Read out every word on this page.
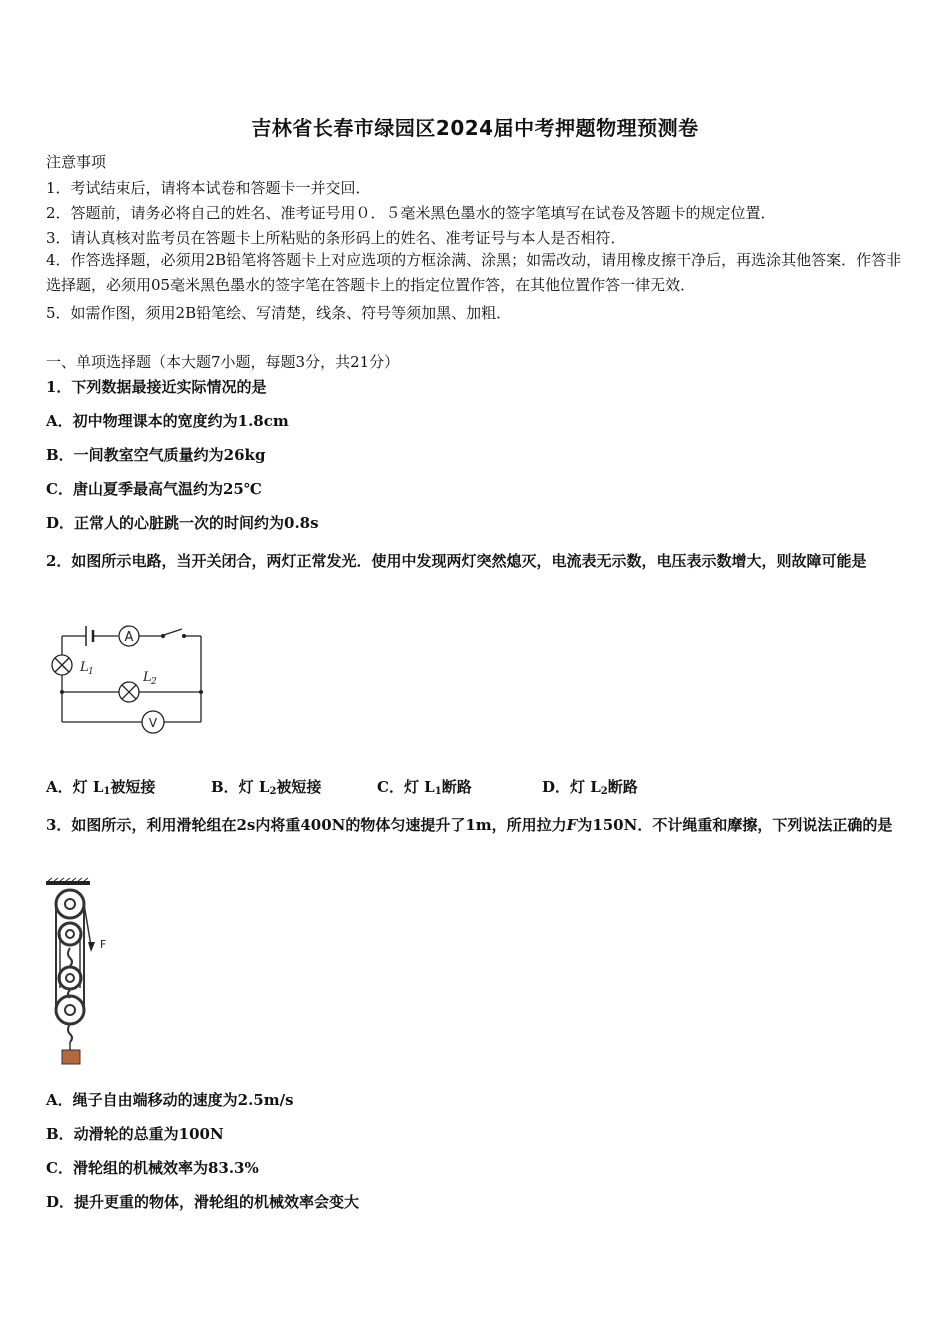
吉林省长春市绿园区2024届中考押题物理预测卷
注意事项
1．考试结束后，请将本试卷和答题卡一并交回．
2．答题前，请务必将自己的姓名、准考证号用０．５毫米黑色墨水的签字笔填写在试卷及答题卡的规定位置．
3．请认真核对监考员在答题卡上所粘贴的条形码上的姓名、准考证号与本人是否相符．
4．作答选择题，必须用2B铅笔将答题卡上对应选项的方框涂满、涂黑；如需改动，请用橡皮擦干净后，再选涂其他答案．作答非选择题，必须用05毫米黑色墨水的签字笔在答题卡上的指定位置作答，在其他位置作答一律无效．
5．如需作图，须用2B铅笔绘、写清楚，线条、符号等须加黑、加粗．
一、单项选择题（本大题7小题，每题3分，共21分）
1．下列数据最接近实际情况的是
A．初中物理课本的宽度约为1.8cm
B．一间教室空气质量约为26kg
C．唐山夏季最高气温约为25℃
D．正常人的心脏跳一次的时间约为0.8s
2．如图所示电路，当开关闭合，两灯正常发光．使用中发现两灯突然熄灭，电流表无示数，电压表示数增大，则故障可能是
A
V
L 1	L 2
A．灯 $L_1$被短接	B．灯 $L_2$被短接	C．灯 $L_1$断路	D．灯 $L_2$断路
3．如图所示，利用滑轮组在2s内将重400N的物体匀速提升了1m，所用拉力F为150N．不计绳重和摩擦，下列说法正确的是
F
A．绳子自由端移动的速度为2.5m/s
B．动滑轮的总重为100N
C．滑轮组的机械效率为83.3%
D．提升更重的物体，滑轮组的机械效率会变大
